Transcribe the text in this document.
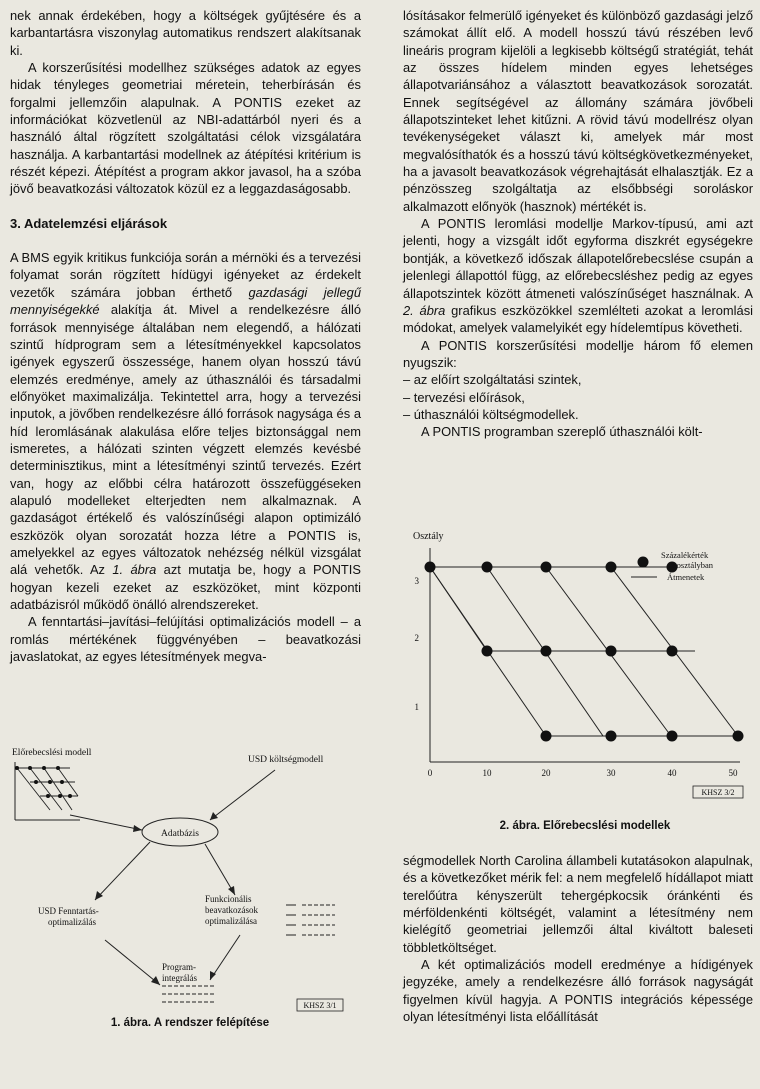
nek annak érdekében, hogy a költségek gyűjtésére és a karbantartásra viszonylag automatikus rendszert alakítsanak ki.

A korszerűsítési modellhez szükséges adatok az egyes hidak tényleges geometriai méretein, teherbírásán és forgalmi jellemzőin alapulnak. A PONTIS ezeket az információkat közvetlenül az NBI-adattárból nyeri és a használó által rögzített szolgáltatási célok vizsgálatára használja. A karbantartási modellnek az átépítési kritérium is részét képezi. Átépítést a program akkor javasol, ha a szóba jövő beavatkozási változatok közül ez a leggazdaságosabb.

3. Adatelemzési eljárások

A BMS egyik kritikus funkciója során a mérnöki és a tervezési folyamat során rögzített hídügyi igényeket az érdekelt vezetők számára jobban érthető gazdasági jellegű mennyiségekké alakítja át. Mivel a rendelkezésre álló források mennyisége általában nem elegendő, a hálózati szintű hídprogram sem a létesítményekkel kapcsolatos igények egyszerű összessége, hanem olyan hosszú távú elemzés eredménye, amely az úthasználói és társadalmi előnyöket maximalizálja. Tekintettel arra, hogy a tervezési inputok, a jövőben rendelkezésre álló források nagysága és a híd leromlásának alakulása előre teljes biztonsággal nem ismeretes, a hálózati szinten végzett elemzés kevésbé determinisztikus, mint a létesítményi szintű tervezés. Ezért van, hogy az előbbi célra határozott összefüggéseken alapuló modelleket elterjedten nem alkalmaznak. A gazdaságot értékelő és valószínűségi alapon optimizáló eszközök olyan sorozatát hozza létre a PONTIS is, amelyekkel az egyes változatok nehézség nélkül vizsgálat alá vehetők. Az 1. ábra azt mutatja be, hogy a PONTIS hogyan kezeli ezeket az eszközöket, mint központi adatbázisról működő önálló alrendszereket.

A fenntartási–javítási–felújítási optimalizációs modell – a romlás mértékének függvényében – beavatkozási javaslatokat, az egyes létesítmények megva-

Előrebecslési modell
USD költségmodell
Adatbázis
USD Fenntartás-
optimalizálás
Funkcionális
beavatkozások
optimalizálása
Program-
integrálás
KHSZ 3/1
1. ábra. A rendszer felépítése

lósításakor felmerülő igényeket és különböző gazdasági jelző számokat állít elő. A modell hosszú távú részében levő lineáris program kijelöli a legkisebb költségű stratégiát, tehát az összes hídelem minden egyes lehetséges állapotvariánsához a választott beavatkozások sorozatát. Ennek segítségével az állomány számára jövőbeli állapotszinteket lehet kitűzni. A rövid távú modellrész olyan tevékenységeket választ ki, amelyek már most megvalósíthatók és a hosszú távú költségkövetkezményeket, ha a javasolt beavatkozások végrehajtását elhalasztják. Ez a pénzösszeg szolgáltatja az elsőbbségi soroláskor alkalmazott előnyök (hasznok) mértékét is.

A PONTIS leromlási modellje Markov-típusú, ami azt jelenti, hogy a vizsgált időt egyforma diszkrét egységekre bontják, a következő időszak állapotelőrebecslése csupán a jelenlegi állapottól függ, az előrebecsléshez pedig az egyes állapotszintek között átmeneti valószínűséget használnak. A 2. ábra grafikus eszközökkel szemlélteti azokat a leromlási módokat, amelyek valamelyikét egy hídelemtípus követheti.

A PONTIS korszerűsítési modellje három fő elemen nyugszik:

– az előírt szolgáltatási szintek,

– tervezési előírások,

– úthasználói költségmodellek.

A PONTIS programban szereplő úthasználói költ-

Osztály
3
2
1
0	10	20	30	40	50
Százalékérték
az osztályban
Átmenetek
KHSZ 3/2
2. ábra. Előrebecslési modellek

ségmodellek North Carolina állambeli kutatásokon alapulnak, és a következőket mérik fel: a nem megfelelő hídállapot miatt terelőútra kényszerült tehergépkocsik óránkénti és mérföldenkénti költségét, valamint a létesítmény nem kielégítő geometriai jellemzői által kiváltott baleseti többletköltséget.

A két optimalizációs modell eredménye a hídigények jegyzéke, amely a rendelkezésre álló források nagyságát figyelmen kívül hagyja. A PONTIS integrációs képessége olyan létesítményi lista előállítását
